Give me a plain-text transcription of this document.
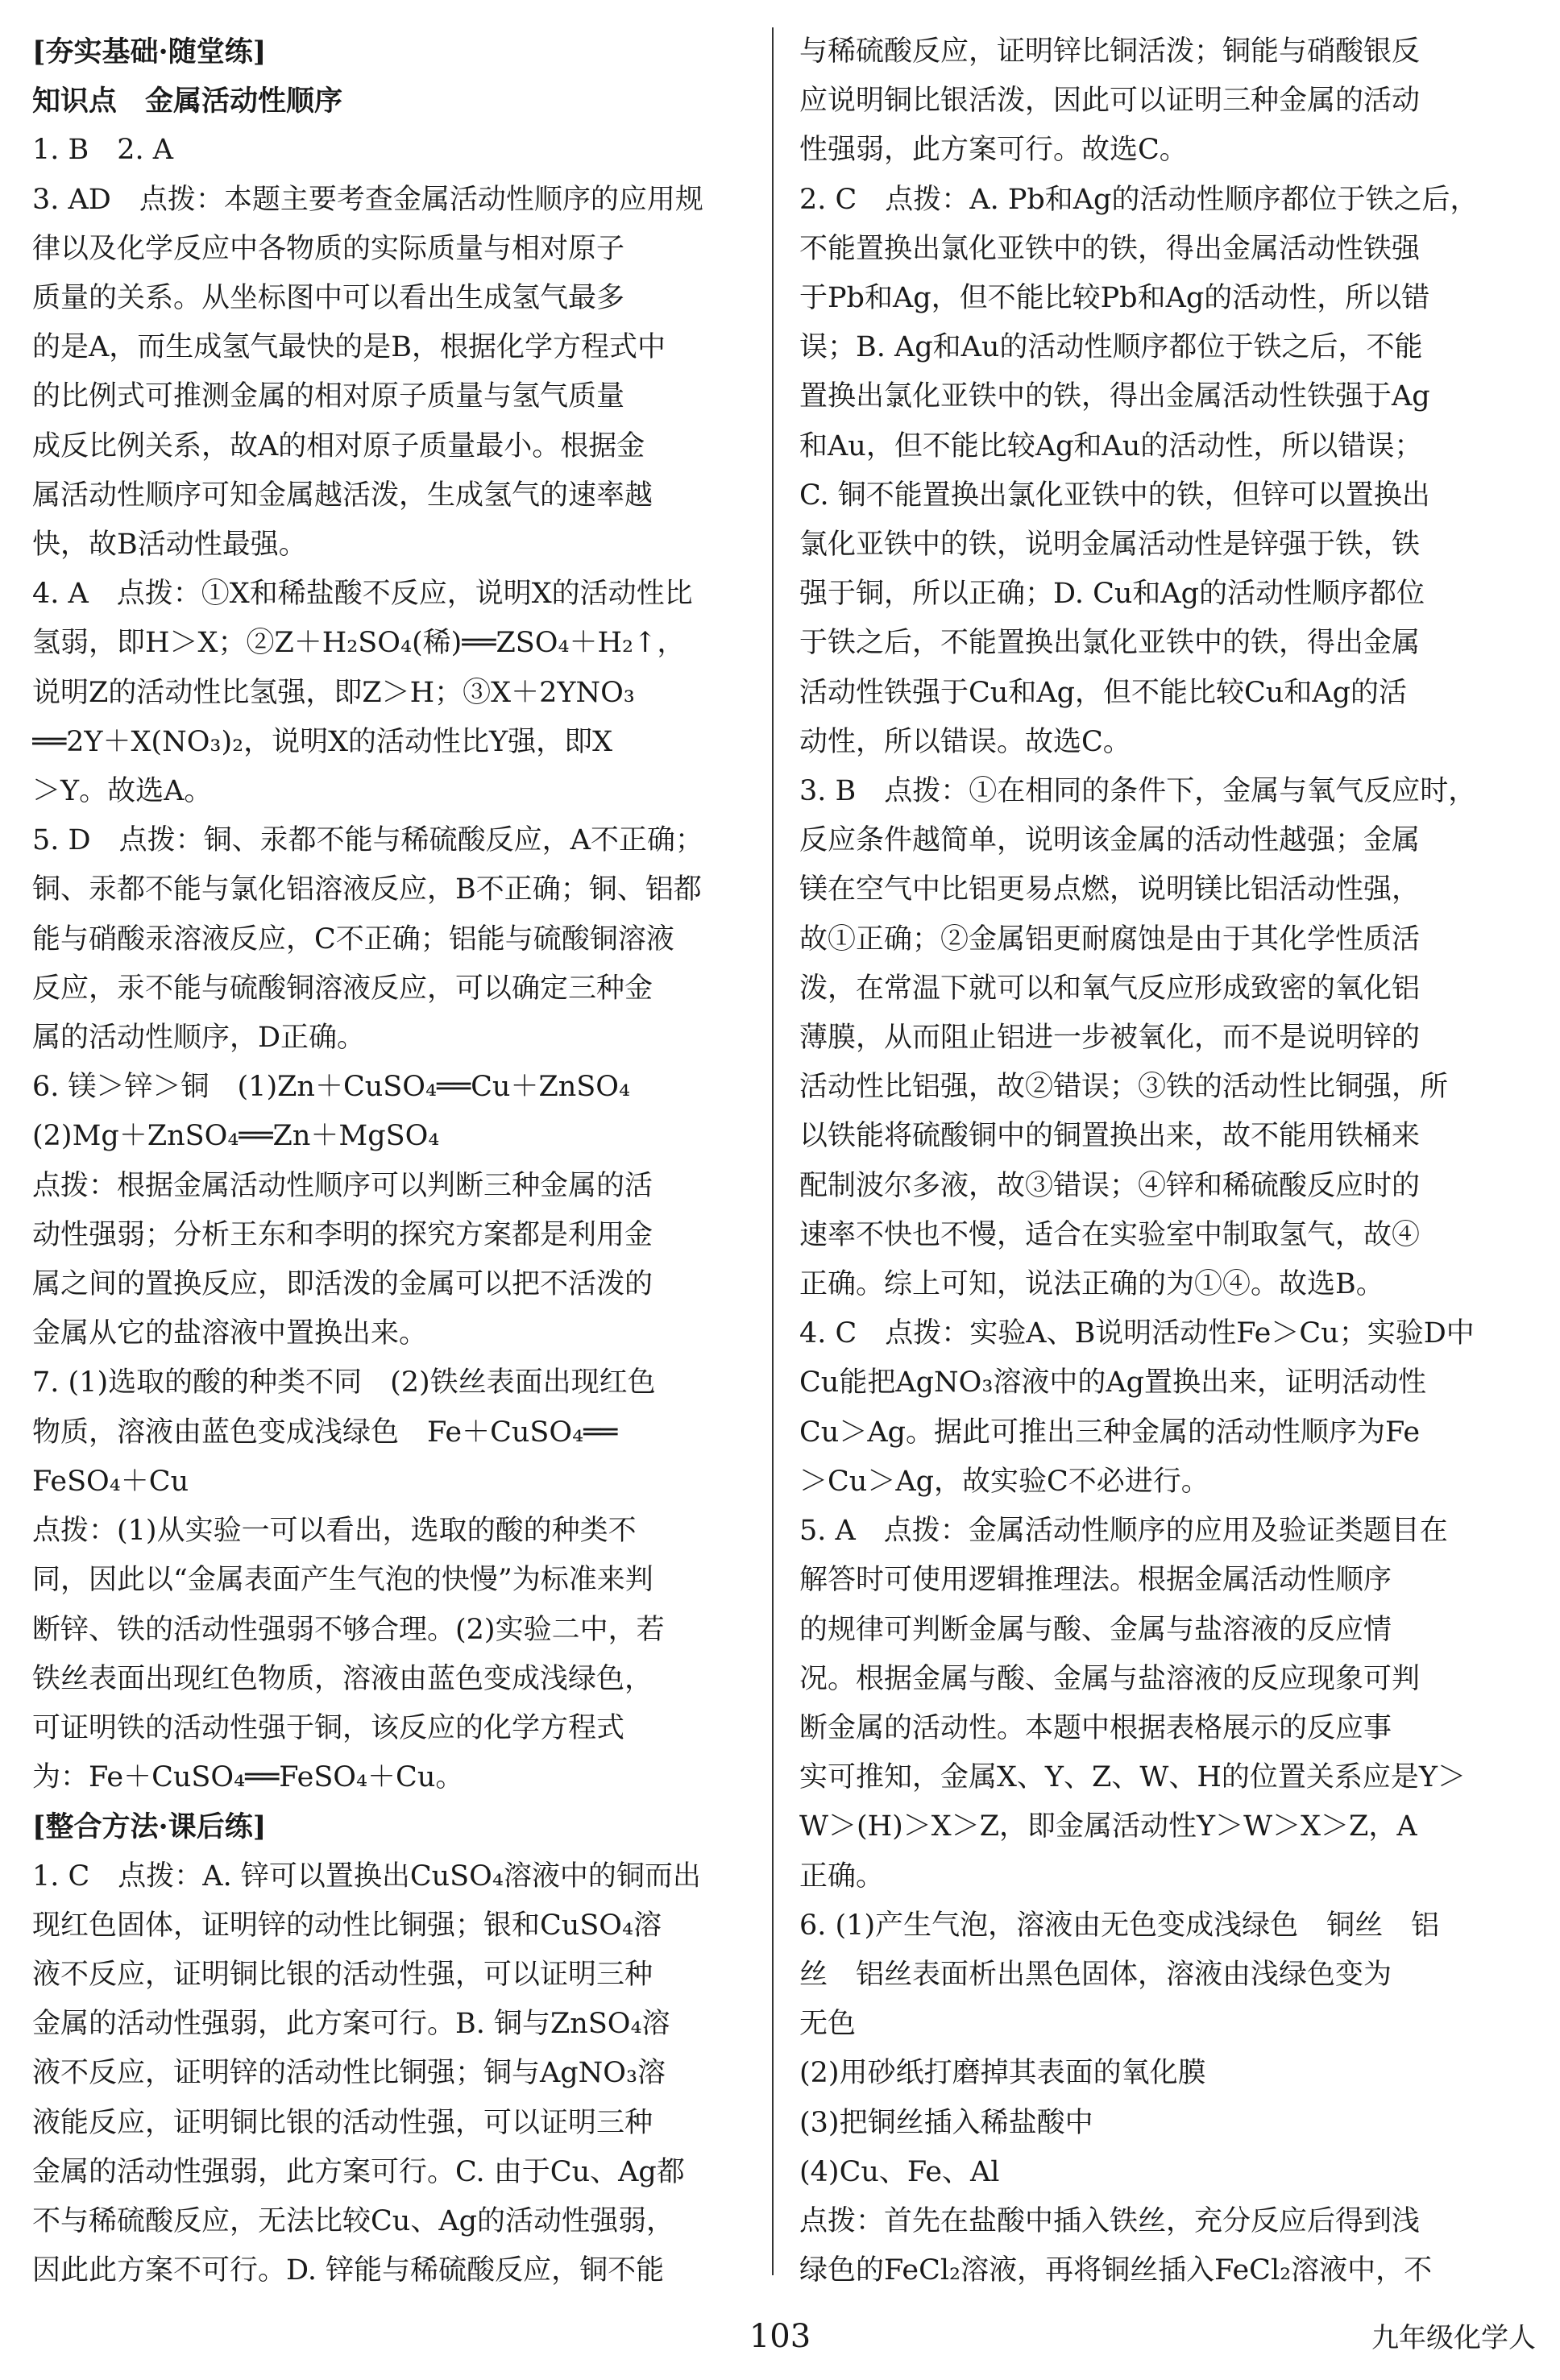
[夯实基础·随堂练]
知识点　金属活动性顺序
1. B　2. A
3. AD　点拨：本题主要考查金属活动性顺序的应用规
律以及化学反应中各物质的实际质量与相对原子
质量的关系。从坐标图中可以看出生成氢气最多
的是A，而生成氢气最快的是B，根据化学方程式中
的比例式可推测金属的相对原子质量与氢气质量
成反比例关系，故A的相对原子质量最小。根据金
属活动性顺序可知金属越活泼，生成氢气的速率越
快，故B活动性最强。
4. A　点拨：①X和稀盐酸不反应，说明X的活动性比
氢弱，即H＞X；②Z＋H₂SO₄(稀)══ZSO₄＋H₂↑，
说明Z的活动性比氢强，即Z＞H；③X＋2YNO₃
══2Y＋X(NO₃)₂，说明X的活动性比Y强，即X
＞Y。故选A。
5. D　点拨：铜、汞都不能与稀硫酸反应，A不正确；
铜、汞都不能与氯化铝溶液反应，B不正确；铜、铝都
能与硝酸汞溶液反应，C不正确；铝能与硫酸铜溶液
反应，汞不能与硫酸铜溶液反应，可以确定三种金
属的活动性顺序，D正确。
6. 镁＞锌＞铜　(1)Zn＋CuSO₄══Cu＋ZnSO₄
(2)Mg＋ZnSO₄══Zn＋MgSO₄
点拨：根据金属活动性顺序可以判断三种金属的活
动性强弱；分析王东和李明的探究方案都是利用金
属之间的置换反应，即活泼的金属可以把不活泼的
金属从它的盐溶液中置换出来。
7. (1)选取的酸的种类不同　(2)铁丝表面出现红色
物质，溶液由蓝色变成浅绿色　Fe＋CuSO₄══
FeSO₄＋Cu
点拨：(1)从实验一可以看出，选取的酸的种类不
同，因此以“金属表面产生气泡的快慢”为标准来判
断锌、铁的活动性强弱不够合理。(2)实验二中，若
铁丝表面出现红色物质，溶液由蓝色变成浅绿色，
可证明铁的活动性强于铜，该反应的化学方程式
为：Fe＋CuSO₄══FeSO₄＋Cu。
[整合方法·课后练]
1. C　点拨：A. 锌可以置换出CuSO₄溶液中的铜而出
现红色固体，证明锌的动性比铜强；银和CuSO₄溶
液不反应，证明铜比银的活动性强，可以证明三种
金属的活动性强弱，此方案可行。B. 铜与ZnSO₄溶
液不反应，证明锌的活动性比铜强；铜与AgNO₃溶
液能反应，证明铜比银的活动性强，可以证明三种
金属的活动性强弱，此方案可行。C. 由于Cu、Ag都
不与稀硫酸反应，无法比较Cu、Ag的活动性强弱，
因此此方案不可行。D. 锌能与稀硫酸反应，铜不能
与稀硫酸反应，证明锌比铜活泼；铜能与硝酸银反
应说明铜比银活泼，因此可以证明三种金属的活动
性强弱，此方案可行。故选C。
2. C　点拨：A. Pb和Ag的活动性顺序都位于铁之后，
不能置换出氯化亚铁中的铁，得出金属活动性铁强
于Pb和Ag，但不能比较Pb和Ag的活动性，所以错
误；B. Ag和Au的活动性顺序都位于铁之后，不能
置换出氯化亚铁中的铁，得出金属活动性铁强于Ag
和Au，但不能比较Ag和Au的活动性，所以错误；
C. 铜不能置换出氯化亚铁中的铁，但锌可以置换出
氯化亚铁中的铁，说明金属活动性是锌强于铁，铁
强于铜，所以正确；D. Cu和Ag的活动性顺序都位
于铁之后，不能置换出氯化亚铁中的铁，得出金属
活动性铁强于Cu和Ag，但不能比较Cu和Ag的活
动性，所以错误。故选C。
3. B　点拨：①在相同的条件下，金属与氧气反应时，
反应条件越简单，说明该金属的活动性越强；金属
镁在空气中比铝更易点燃，说明镁比铝活动性强，
故①正确；②金属铝更耐腐蚀是由于其化学性质活
泼，在常温下就可以和氧气反应形成致密的氧化铝
薄膜，从而阻止铝进一步被氧化，而不是说明锌的
活动性比铝强，故②错误；③铁的活动性比铜强，所
以铁能将硫酸铜中的铜置换出来，故不能用铁桶来
配制波尔多液，故③错误；④锌和稀硫酸反应时的
速率不快也不慢，适合在实验室中制取氢气，故④
正确。综上可知，说法正确的为①④。故选B。
4. C　点拨：实验A、B说明活动性Fe＞Cu；实验D中
Cu能把AgNO₃溶液中的Ag置换出来，证明活动性
Cu＞Ag。据此可推出三种金属的活动性顺序为Fe
＞Cu＞Ag，故实验C不必进行。
5. A　点拨：金属活动性顺序的应用及验证类题目在
解答时可使用逻辑推理法。根据金属活动性顺序
的规律可判断金属与酸、金属与盐溶液的反应情
况。根据金属与酸、金属与盐溶液的反应现象可判
断金属的活动性。本题中根据表格展示的反应事
实可推知，金属X、Y、Z、W、H的位置关系应是Y＞
W＞(H)＞X＞Z，即金属活动性Y＞W＞X＞Z，A
正确。
6. (1)产生气泡，溶液由无色变成浅绿色　铜丝　铝
丝　铝丝表面析出黑色固体，溶液由浅绿色变为
无色
(2)用砂纸打磨掉其表面的氧化膜
(3)把铜丝插入稀盐酸中
(4)Cu、Fe、Al
点拨：首先在盐酸中插入铁丝，充分反应后得到浅
绿色的FeCl₂溶液，再将铜丝插入FeCl₂溶液中，不
103	九年级化学人
